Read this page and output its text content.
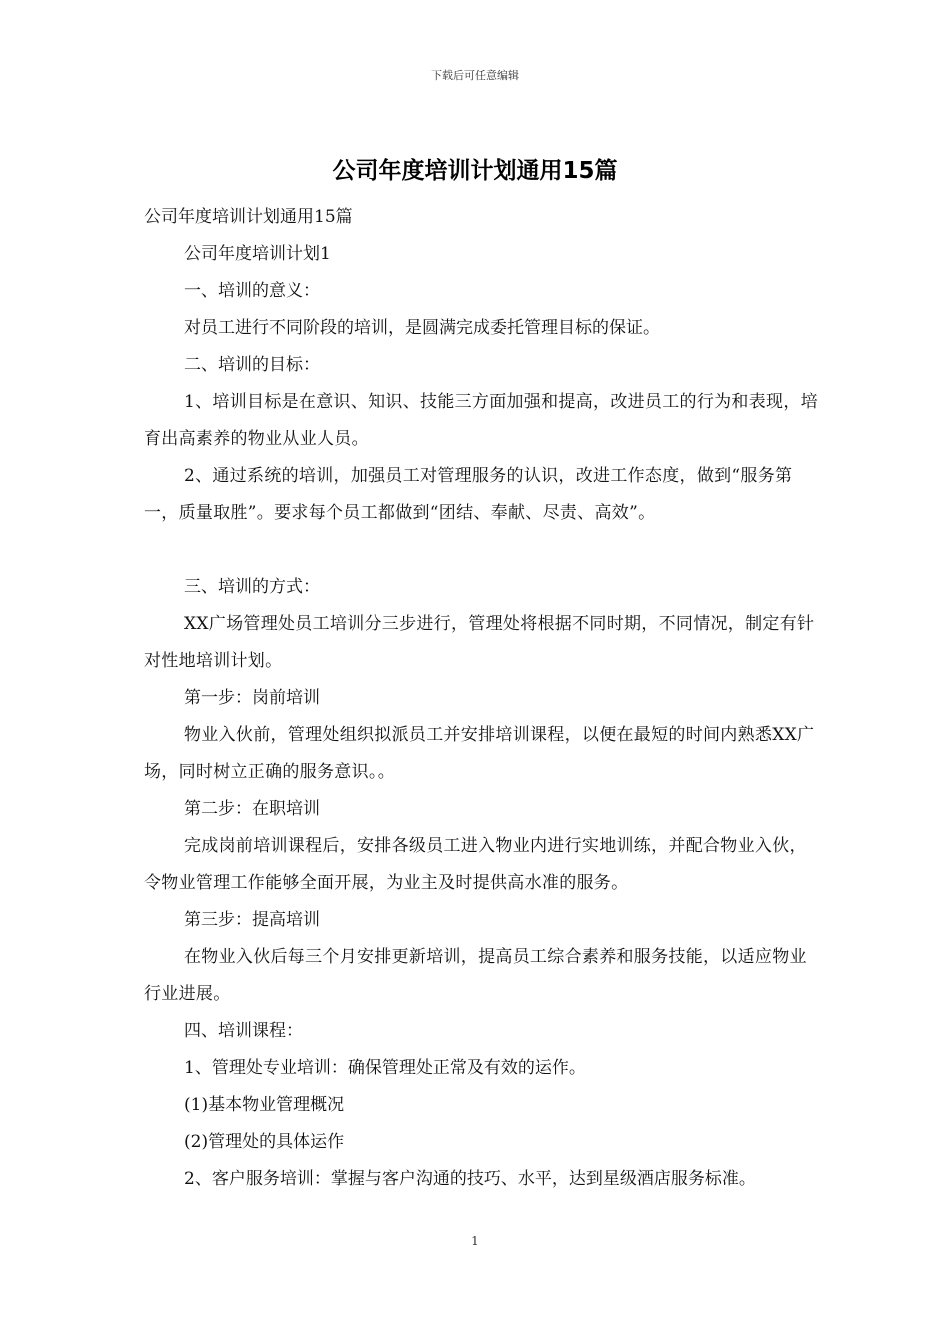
下载后可任意编辑
公司年度培训计划通用15篇

公司年度培训计划通用15篇

公司年度培训计划1

一、培训的意义：

对员工进行不同阶段的培训，是圆满完成委托管理目标的保证。

二、培训的目标：

1、培训目标是在意识、知识、技能三方面加强和提高，改进员工的行为和表现，培育出高素养的物业从业人员。

2、通过系统的培训，加强员工对管理服务的认识，改进工作态度，做到“服务第一，质量取胜”。要求每个员工都做到“团结、奉献、尽责、高效”。

三、培训的方式：

XX广场管理处员工培训分三步进行，管理处将根据不同时期，不同情况，制定有针对性地培训计划。

第一步：岗前培训

物业入伙前，管理处组织拟派员工并安排培训课程，以便在最短的时间内熟悉XX广场，同时树立正确的服务意识。。

第二步：在职培训

完成岗前培训课程后，安排各级员工进入物业内进行实地训练，并配合物业入伙，令物业管理工作能够全面开展，为业主及时提供高水准的服务。

第三步：提高培训

在物业入伙后每三个月安排更新培训，提高员工综合素养和服务技能，以适应物业行业进展。

四、培训课程：

1、管理处专业培训：确保管理处正常及有效的运作。

(1)基本物业管理概况

(2)管理处的具体运作

2、客户服务培训：掌握与客户沟通的技巧、水平，达到星级酒店服务标准。

1
